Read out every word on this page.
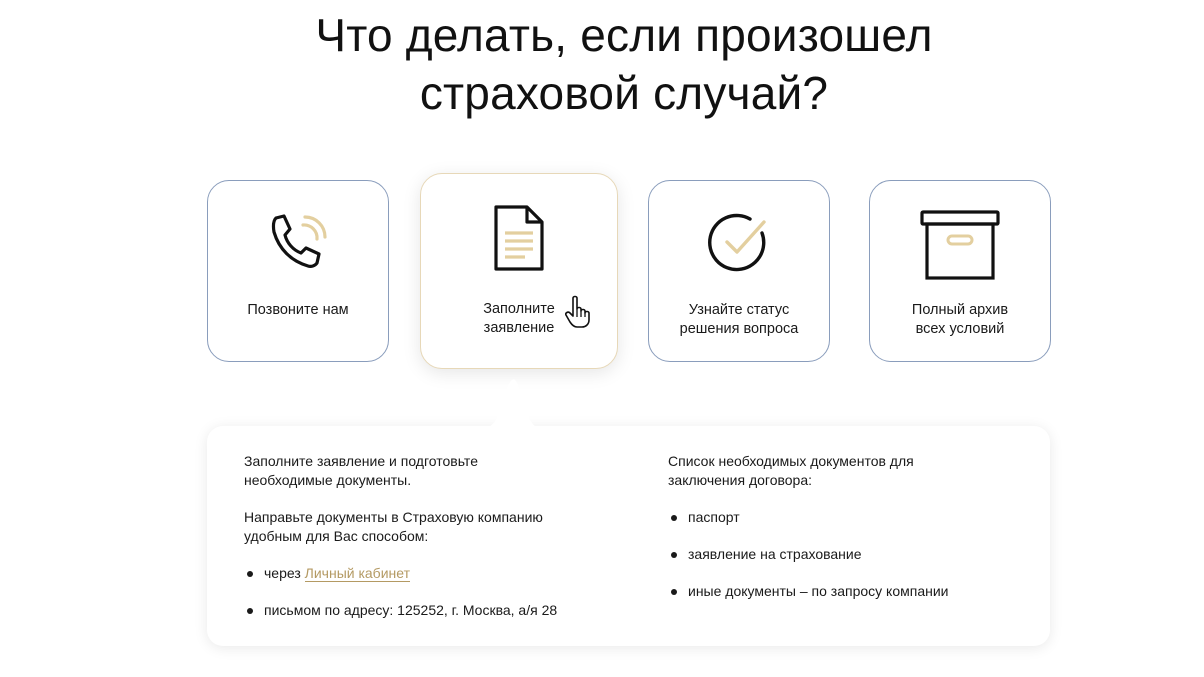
Что делать, если произошел
страховой случай?
Позвоните нам	Заполните
заявление
Узнайте статус
решения вопроса
Полный архив
всех условий

Заполните заявление и подготовьте
необходимые документы.

Направьте документы в Страховую компанию
удобным для Вас способом:

через Личный кабинет
письмом по адресу: 125252, г. Москва, а/я 28

Список необходимых документов для
заключения договора:

паспорт
заявление на страхование
иные документы – по запросу компании
